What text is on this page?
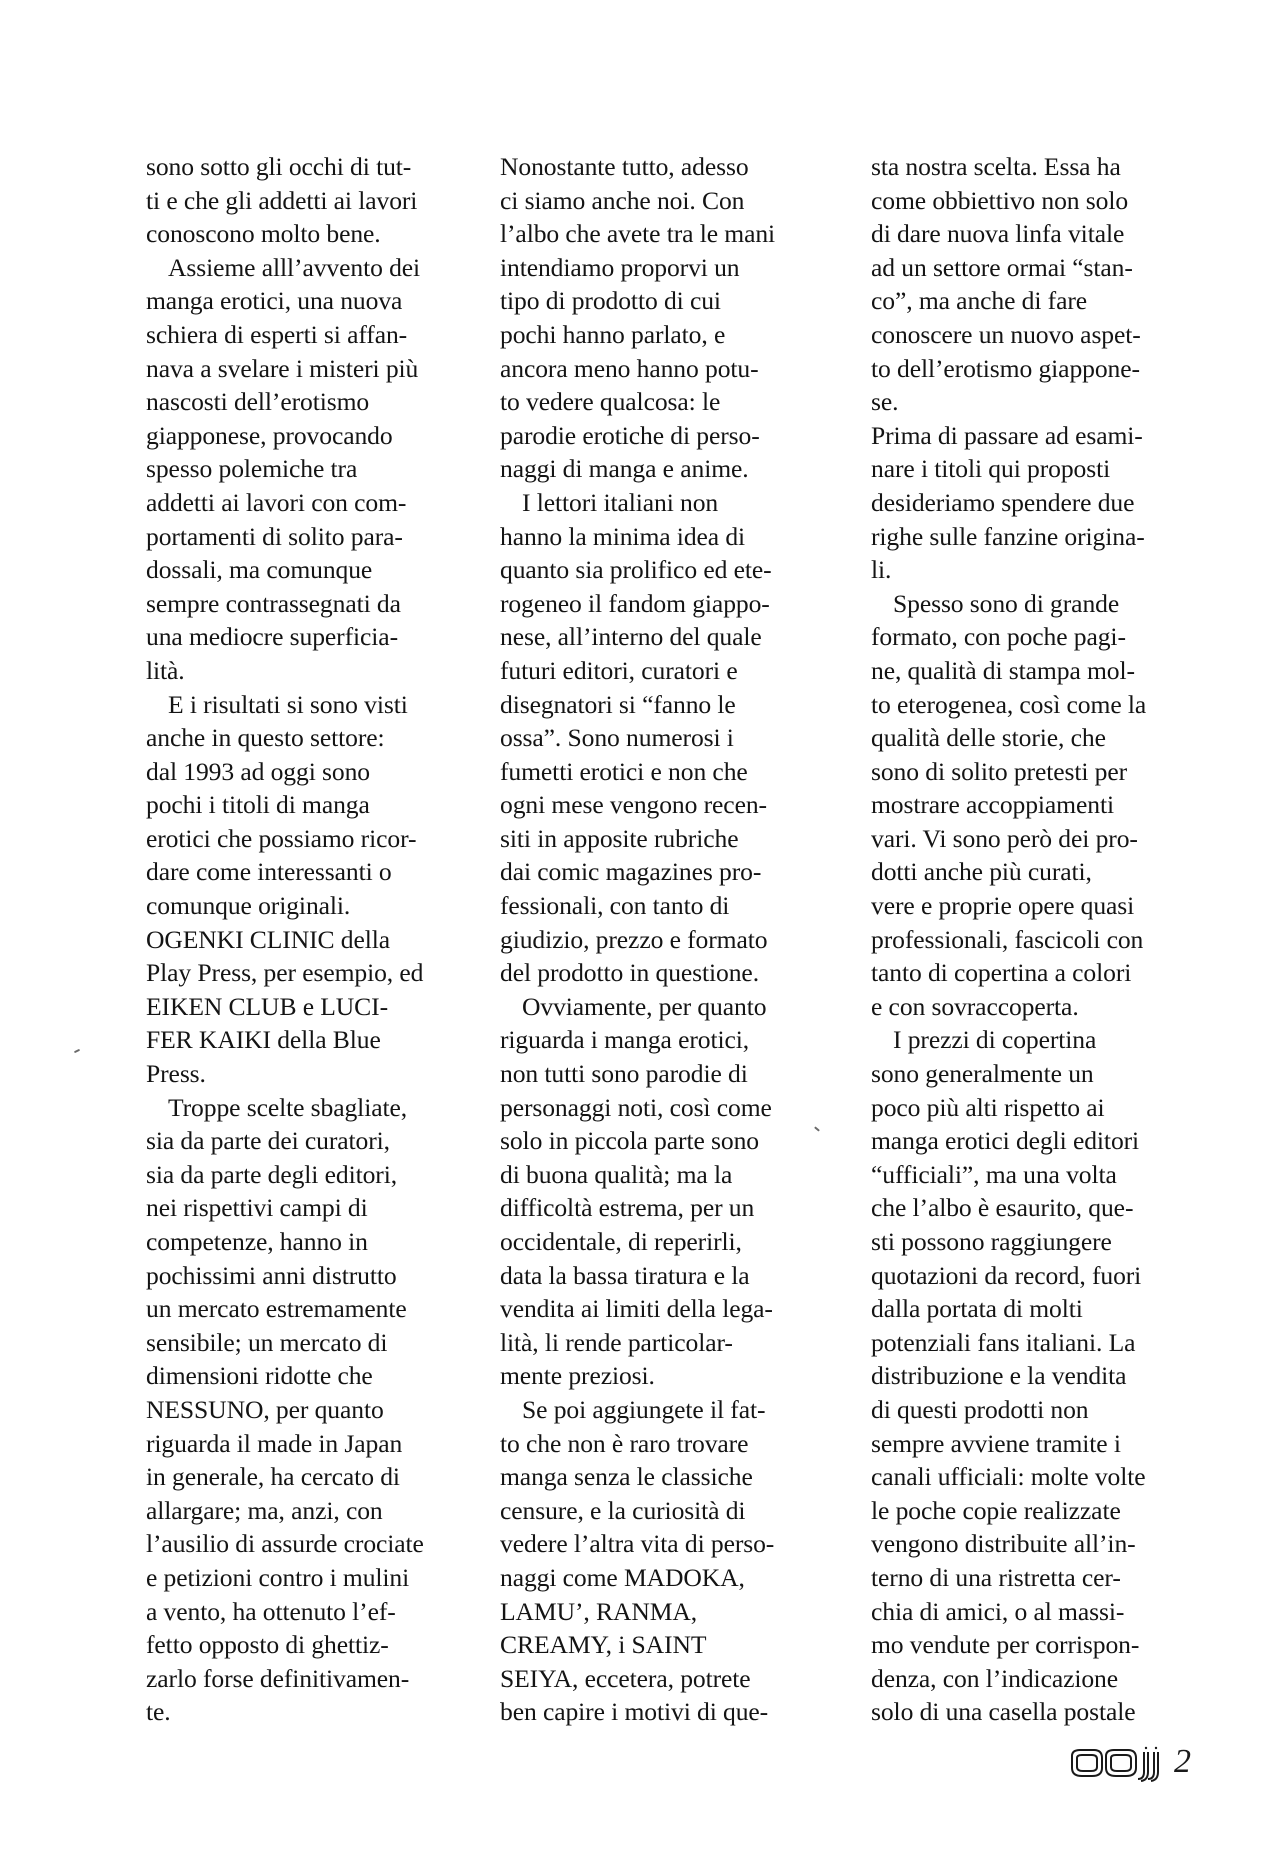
sono sotto gli occhi di tut-
ti e che gli addetti ai lavori
conoscono molto bene.
Assieme alll’avvento dei
manga erotici, una nuova
schiera di esperti si affan-
nava a svelare i misteri più
nascosti dell’erotismo
giapponese, provocando
spesso polemiche tra
addetti ai lavori con com-
portamenti di solito para-
dossali, ma comunque
sempre contrassegnati da
una mediocre superficia-
lità.
E i risultati si sono visti
anche in questo settore:
dal 1993 ad oggi sono
pochi i titoli di manga
erotici che possiamo ricor-
dare come interessanti o
comunque originali.
OGENKI CLINIC della
Play Press, per esempio, ed
EIKEN CLUB e LUCI-
FER KAIKI della Blue
Press.
Troppe scelte sbagliate,
sia da parte dei curatori,
sia da parte degli editori,
nei rispettivi campi di
competenze, hanno in
pochissimi anni distrutto
un mercato estremamente
sensibile; un mercato di
dimensioni ridotte che
NESSUNO, per quanto
riguarda il made in Japan
in generale, ha cercato di
allargare; ma, anzi, con
l’ausilio di assurde crociate
e petizioni contro i mulini
a vento, ha ottenuto l’ef-
fetto opposto di ghettiz-
zarlo forse definitivamen-
te.
Nonostante tutto, adesso
ci siamo anche noi. Con
l’albo che avete tra le mani
intendiamo proporvi un
tipo di prodotto di cui
pochi hanno parlato, e
ancora meno hanno potu-
to vedere qualcosa: le
parodie erotiche di perso-
naggi di manga e anime.
I lettori italiani non
hanno la minima idea di
quanto sia prolifico ed ete-
rogeneo il fandom giappo-
nese, all’interno del quale
futuri editori, curatori e
disegnatori si “fanno le
ossa”. Sono numerosi i
fumetti erotici e non che
ogni mese vengono recen-
siti in apposite rubriche
dai comic magazines pro-
fessionali, con tanto di
giudizio, prezzo e formato
del prodotto in questione.
Ovviamente, per quanto
riguarda i manga erotici,
non tutti sono parodie di
personaggi noti, così come
solo in piccola parte sono
di buona qualità; ma la
difficoltà estrema, per un
occidentale, di reperirli,
data la bassa tiratura e la
vendita ai limiti della lega-
lità, li rende particolar-
mente preziosi.
Se poi aggiungete il fat-
to che non è raro trovare
manga senza le classiche
censure, e la curiosità di
vedere l’altra vita di perso-
naggi come MADOKA,
LAMU’, RANMA,
CREAMY, i SAINT
SEIYA, eccetera, potrete
ben capire i motivi di que-
sta nostra scelta. Essa ha
come obbiettivo non solo
di dare nuova linfa vitale
ad un settore ormai “stan-
co”, ma anche di fare
conoscere un nuovo aspet-
to dell’erotismo giappone-
se.
Prima di passare ad esami-
nare i titoli qui proposti
desideriamo spendere due
righe sulle fanzine origina-
li.
Spesso sono di grande
formato, con poche pagi-
ne, qualità di stampa mol-
to eterogenea, così come la
qualità delle storie, che
sono di solito pretesti per
mostrare accoppiamenti
vari. Vi sono però dei pro-
dotti anche più curati,
vere e proprie opere quasi
professionali, fascicoli con
tanto di copertina a colori
e con sovraccoperta.
I prezzi di copertina
sono generalmente un
poco più alti rispetto ai
manga erotici degli editori
“ufficiali”, ma una volta
che l’albo è esaurito, que-
sti possono raggiungere
quotazioni da record, fuori
dalla portata di molti
potenziali fans italiani. La
distribuzione e la vendita
di questi prodotti non
sempre avviene tramite i
canali ufficiali: molte volte
le poche copie realizzate
vengono distribuite all’in-
terno di una ristretta cer-
chia di amici, o al massi-
mo vendute per corrispon-
denza, con l’indicazione
solo di una casella postale
2
